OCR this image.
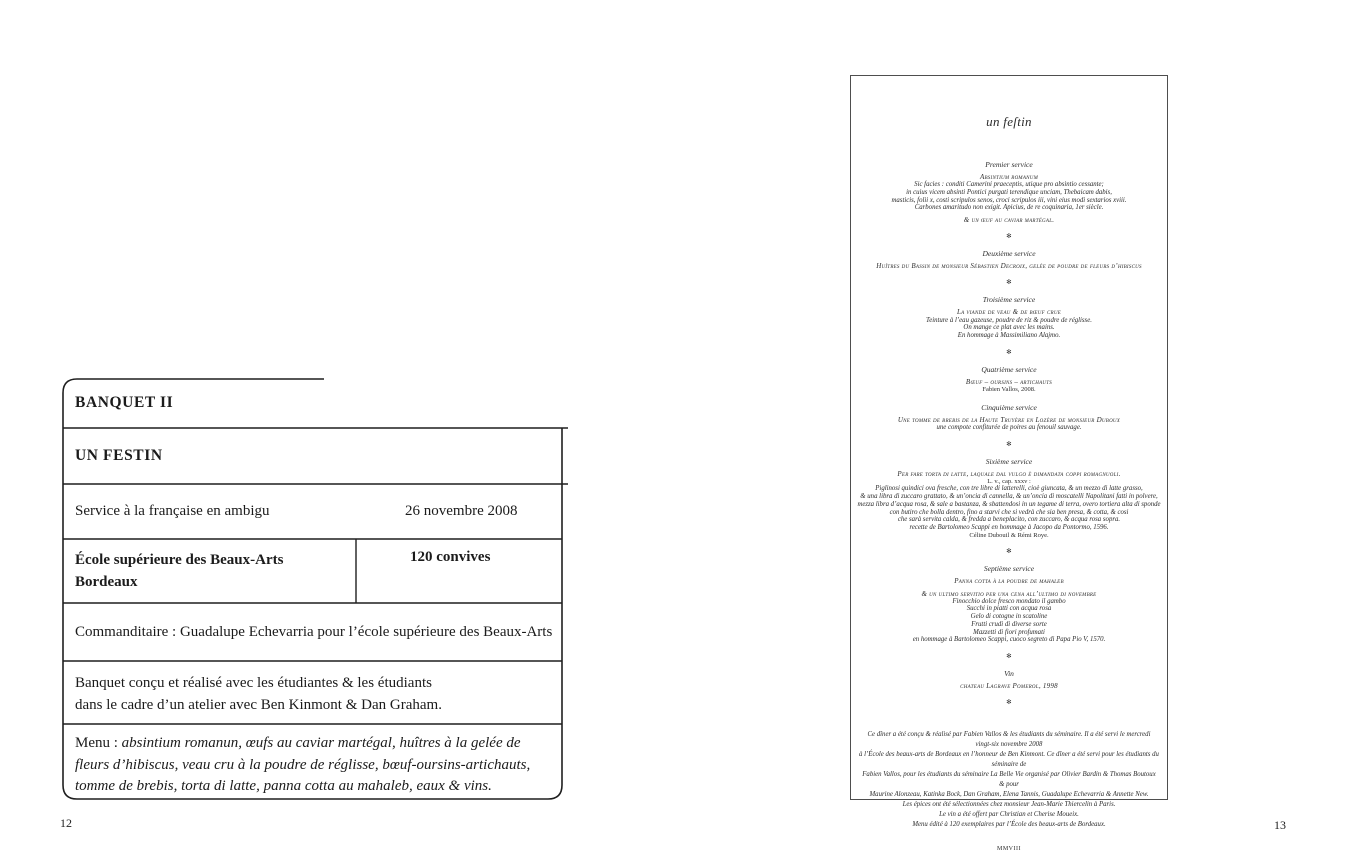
BANQUET II
UN FESTIN
Service à la française en ambigu	26 novembre 2008
École supérieure des Beaux-Arts
Bordeaux
120 convives
Commanditaire : Guadalupe Echevarria pour l’école supérieure des Beaux-Arts
Banquet conçu et réalisé avec les étudiantes & les étudiants
dans le cadre d’un atelier avec Ben Kinmont & Dan Graham.
Menu : absintium romanun, œufs au caviar martégal, huîtres à la gelée de fleurs d’hibiscus, veau cru à la poudre de réglisse, bœuf-oursins-artichauts, tomme de brebis, torta di latte, panna cotta au mahaleb, eaux & vins.
12
un feſtin
Premier service
Absintium romanum
Sic facies : conditi Camerini praeceptis, utique pro absintio cessante;
in cuius vicem absinti Pontici purgati terendique unciam, Thebaicam dabis,
masticis, folii x, costi scripulos senos, croci scripulos iii, vini eius modi sextarios xviii.
Carbones amaritudo non exigit. Apicius, de re coquinaria, 1er siècle.
& un œuf au caviar martégal.
✻
Deuxième service
Huîtres du Bassin de monsieur Sébastien Decroix, gelée de poudre de fleurs d’hibiscus
✻
Troisième service
La viande de veau & de bœuf crue
Teinture à l’eau gazeuse, poudre de riz & poudre de réglisse.
On mange ce plat avec les mains.
En hommage à Massimiliano Alajmo.
✻
Quatrième service
Bœuf – oursins – artichauts
Fabien Vallos, 2008.
Cinquième service
Une tomme de brebis de la Haute Truyère en Lozère de monsieur Duboux
une compote confiturée de poires au fenouil sauvage.
✻
Sixième service
Per fare torta di latte, laquale dal vulgo è dimandata coppi romagnuoli.
L. v., cap. xxxv :
Piglinosi quindici ova fresche, con tre libre di latterelli, cioè giuncata, & un mezzo di latte grasso,
& una libra di zuccaro grattato, & un’oncia di cannella, & un’oncia di moscatelli Napolitani fatti in polvere,
mezza libra d’acqua rosa, & sale a bastanza, & sbattendosi in un tegame di terra, overo tortiera alta di sponde
con butiro che bolla dentro, fino a starvi che si vedrà che sia ben presa, & cotta, & cosi
che sarà servita calda, & fredda a beneplacito, con zuccaro, & acqua rosa sopra.
recette de Bartolomeo Scappi en hommage à Jacopo da Pontormo, 1596.
Céline Dubouil & Rémi Roye.
✻
Septième service
Panna cotta à la poudre de mahaleb
& un ultimo servitio per una cena all’ultimo di novembre
Finocchio dolce fresco mondato il gambo
Succhi in piatti con acqua rosa
Gelo di cotogne in scatoline
Frutti crudi di diverse sorte
Mazzetti di fiori profumati
en hommage à Bartolomeo Scappi, cuoco segreto di Papa Pio V, 1570.
✻
Vin
chateau Lagrave Pomerol, 1998
✻
Ce dîner a été conçu & réalisé par Fabien Vallos & les étudiants du séminaire. Il a été servi le mercredi vingt-six novembre 2008
à l’École des beaux-arts de Bordeaux en l’honneur de Ben Kinmont. Ce dîner a été servi pour les étudiants du séminaire de
Fabien Vallos, pour les étudiants du séminaire La Belle Vie organisé par Olivier Bardin & Thomas Boutoux & pour
Maurine Alonzeau, Katinka Bock, Dan Graham, Elena Tannis, Guadalupe Echevarria & Annette New.
Les épices ont été sélectionnées chez monsieur Jean-Marie Thiercelin à Paris.
Le vin a été offert par Christian et Cherise Moueix.
Menu édité à 120 exemplaires par l’École des beaux-arts de Bordeaux.
MMVIII
13
